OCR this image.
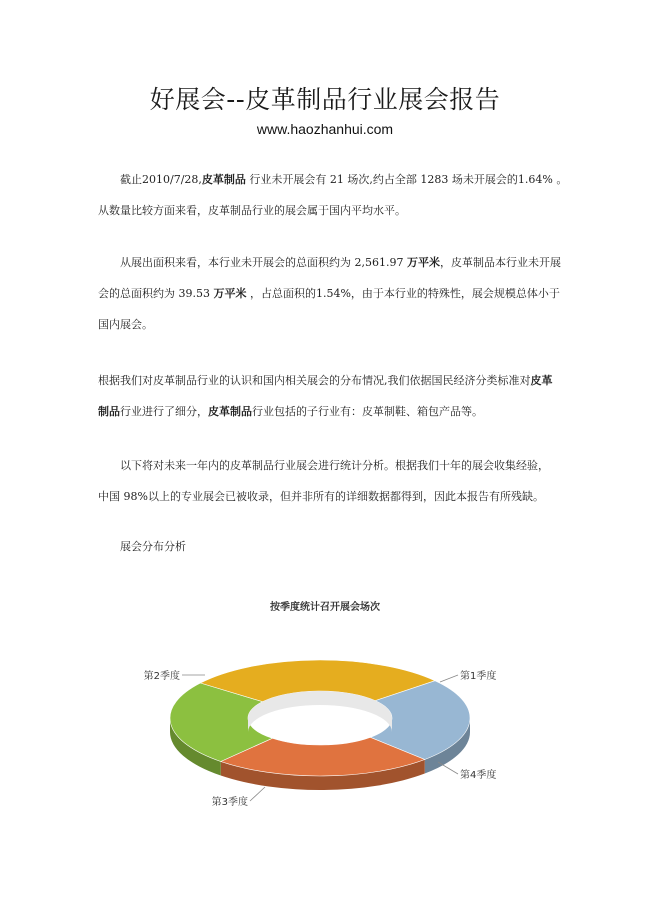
好展会--皮革制品行业展会报告
www.haozhanhui.com
截止2010/7/28,皮革制品 行业未开展会有 21 场次,约占全部 1283 场未开展会的1.64% 。
从数量比较方面来看，皮革制品行业的展会属于国内平均水平。
从展出面积来看，本行业未开展会的总面积约为 2,561.97 万平米，皮革制品本行业未开展
会的总面积约为 39.53 万平米 ，占总面积的1.54%，由于本行业的特殊性，展会规模总体小于
国内展会。
根据我们对皮革制品行业的认识和国内相关展会的分布情况,我们依据国民经济分类标准对皮革
制品行业进行了细分，皮革制品行业包括的子行业有：皮革制鞋、箱包产品等。
以下将对未来一年内的皮革制品行业展会进行统计分析。根据我们十年的展会收集经验，
中国 98%以上的专业展会已被收录，但并非所有的详细数据都得到，因此本报告有所残缺。
展会分布分析
按季度统计召开展会场次
第1季度
第4季度
第3季度
第2季度
